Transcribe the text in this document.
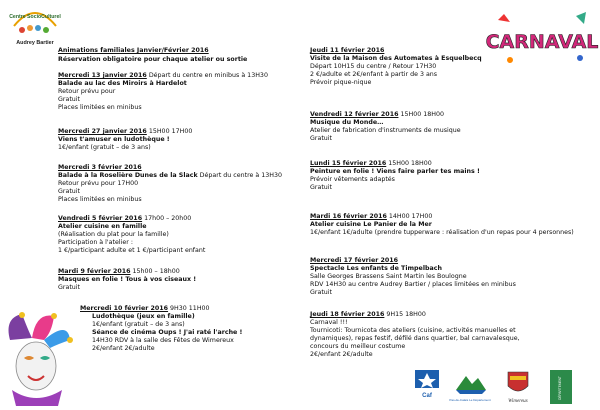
Centre SocioCulturel
Audrey Bartier	CARNAVAL
Animations familiales Janvier/Février 2016
Réservation obligatoire pour chaque atelier ou sortie
Mercredi 13 janvier 2016 Départ du centre en minibus à 13H30
Balade au lac des Miroirs à Hardelot
Retour prévu pour
Gratuit
Places limitées en minibus
Mercredi 27 janvier 2016 15H00 17H00
Viens t'amuser en ludothèque !
1€/enfant (gratuit – de 3 ans)
Mercredi 3 février 2016
Balade à la Roselière Dunes de la Slack Départ du centre à 13H30
Retour prévu pour 17H00
Gratuit
Places limitées en minibus
Vendredi 5 février 2016 17h00 – 20h00
Atelier cuisine en famille
(Réalisation du plat pour la famille)
Participation à l'atelier :
1 €/participant adulte et 1 €/participant enfant
Mardi 9 février 2016 15h00 – 18h00
Masques en folie ! Tous à vos ciseaux !
Gratuit
Mercredi 10 février 2016 9H30 11H00
Ludothèque (jeux en famille)
1€/enfant (gratuit – de 3 ans)
Séance de cinéma Oups ! J'ai raté l'arche !
14H30 RDV à la salle des Fêtes de Wimereux
2€/enfant 2€/adulte
Jeudi 11 février 2016
Visite de la Maison des Automates à Esquelbecq
Départ 10H15 du centre / Retour 17H30
2 €/adulte et 2€/enfant à partir de 3 ans
Prévoir pique-nique
Vendredi 12 février 2016 15H00 18H00
Musique du Monde…
Atelier de fabrication d'instruments de musique
Gratuit
Lundi 15 février 2016 15H00 18H00
Peinture en folie ! Viens faire parler tes mains !
Prévoir vêtements adaptés
Gratuit
Mardi 16 février 2016 14H00 17H00
Atelier cuisine Le Panier de la Mer
1€/enfant 1€/adulte (prendre tupperware : réalisation d'un repas pour 4 personnes)
Mercredi 17 février 2016
Spectacle Les enfants de Timpelbach
Salle Georges Brassens Saint Martin les Boulogne
RDV 14H30 au centre Audrey Bartier / places limitées en minibus
Gratuit
Jeudi 18 février 2016 9H15 18H00
Carnaval !!!
Tournicoti: Tournicota des ateliers (cuisine, activités manuelles et
dynamiques), repas festif, défilé dans quartier, bal carnavalesque,
concours du meilleur costume
2€/enfant 2€/adulte
Caf
Pas-de-Calais Le Département	Wimereux
DÉPARTEMENT
